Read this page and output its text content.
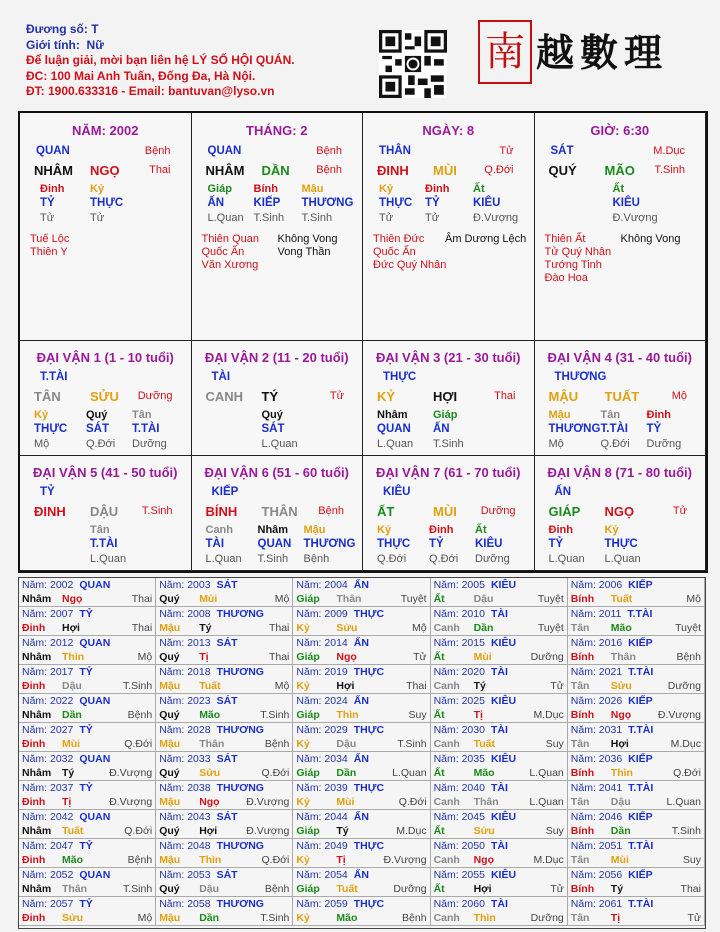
Đương số: T
Giới tính: Nữ
Để luận giải, mời bạn liên hệ LÝ SỐ HỘI QUÁN.
ĐC: 100 Mai Anh Tuấn, Đống Đa, Hà Nội.
ĐT: 1900.633316 - Email: bantuvan@lyso.vn
南 越數理
NĂM: 2002
QUAN	Bệnh
NHÂM NGỌ	Thai
Đinh
TỶ
Tử
Kỷ
THỰC
Tử
Tuế Lộc
Thiên Y
THÁNG: 2
QUAN	Bệnh
NHÂM DẦN Bệnh
Giáp
ẤN
L.Quan
Bính
KIẾP
T.Sinh
Mậu
THƯƠNG
T.Sinh
Thiên Quan
Quốc Ấn
Văn Xương
Không Vong
Vong Thần
NGÀY: 8
THÂN	Tử
ĐINH MÙI Q.Đới
Kỷ
THỰC
Tử
Đinh
TỶ
Tử
Ất
KIÊU
Đ.Vượng
Thiên Đức
Quốc Ấn
Đức Quý Nhân
Âm Dương Lệch
GIỜ: 6:30
SÁT	M.Dục
QUÝ MÃO T.Sinh
Ất
KIÊU
Đ.Vượng
Thiên Ất
Tử Quý Nhân
Tướng Tinh
Đào Hoa
Không Vong
ĐẠI VẬN 1 (1 - 10 tuổi)
T.TÀI
TÂN SỬU Dưỡng
Kỷ
THỰC
Mộ
Quý
SÁT
Q.Đới
Tân
T.TÀI
Dưỡng
ĐẠI VẬN 2 (11 - 20 tuổi)
TÀI
CANH TÝ	Tử
Quý
SÁT
L.Quan
ĐẠI VẬN 3 (21 - 30 tuổi)
THỰC
KỶ	HỢI	Thai
Nhâm
QUAN
L.Quan
Giáp
ẤN
T.Sinh
ĐẠI VẬN 4 (31 - 40 tuổi)
THƯƠNG
MẬU TUẤT	Mộ
Mậu
THƯƠNG
Mộ
Tân
T.TÀI
Q.Đới
Đinh
TỶ
Dưỡng
ĐẠI VẬN 5 (41 - 50 tuổi)
TỶ
ĐINH DẬU T.Sinh
Tân
T.TÀI
L.Quan
ĐẠI VẬN 6 (51 - 60 tuổi)
KIẾP
BÍNH THÂN Bệnh
Canh
TÀI
L.Quan
Nhâm
QUAN
T.Sinh
Mậu
THƯƠNG
Bệnh
ĐẠI VẬN 7 (61 - 70 tuổi)
KIÊU
ẤT	MÙI Dưỡng
Kỷ
THỰC
Q.Đới
Đinh
TỶ
Q.Đới
Ất
KIÊU
Dưỡng
ĐẠI VẬN 8 (71 - 80 tuổi)
ẤN
GIÁP NGỌ	Tử
Đinh
TỶ
L.Quan
Kỷ
THỰC
L.Quan
Năm: 2002 QUAN
Nhâm Ngọ	Thai
Năm: 2003 SÁT
Quý Mùi	Mộ
Năm: 2004 ẤN
Giáp Thân	Tuyệt
Năm: 2005 KIÊU
Ất	Dậu	Tuyệt
Năm: 2006 KIẾP
Bính Tuất	Mộ
Năm: 2007 TỶ
Đinh Hợi	Thai
Năm: 2008 THƯƠNG
Mậu Tý	Thai
Năm: 2009 THỰC
Kỷ	Sửu	Mộ
Năm: 2010 TÀI
Canh Dần	Tuyệt
Năm: 2011 T.TÀI
Tân Mão	Tuyệt
Năm: 2012 QUAN
Nhâm Thìn	Mộ
Năm: 2013 SÁT
Quý Tị	Thai
Năm: 2014 ẤN
Giáp Ngọ	Tử
Năm: 2015 KIÊU
Ất	Mùi	Dưỡng
Năm: 2016 KIẾP
Bính Thân	Bệnh
Năm: 2017 TỶ
Đinh Dậu	T.Sinh
Năm: 2018 THƯƠNG
Mậu Tuất	Mộ
Năm: 2019 THỰC
Kỷ	Hợi	Thai
Năm: 2020 TÀI
Canh Tý	Tử
Năm: 2021 T.TÀI
Tân Sửu	Dưỡng
Năm: 2022 QUAN
Nhâm Dần	Bệnh
Năm: 2023 SÁT
Quý Mão	T.Sinh
Năm: 2024 ẤN
Giáp Thìn	Suy
Năm: 2025 KIÊU
Ất	Tị	M.Dục
Năm: 2026 KIẾP
Bính Ngọ	Đ.Vượng
Năm: 2027 TỶ
Đinh Mùi	Q.Đới
Năm: 2028 THƯƠNG
Mậu Thân	Bệnh
Năm: 2029 THỰC
Kỷ	Dậu	T.Sinh
Năm: 2030 TÀI
Canh Tuất	Suy
Năm: 2031 T.TÀI
Tân Hợi	M.Dục
Năm: 2032 QUAN
Nhâm Tý	Đ.Vượng
Năm: 2033 SÁT
Quý Sửu	Q.Đới
Năm: 2034 ẤN
Giáp Dần	L.Quan
Năm: 2035 KIÊU
Ất	Mão	L.Quan
Năm: 2036 KIẾP
Bính Thìn	Q.Đới
Năm: 2037 TỶ
Đinh Tị	Đ.Vượng
Năm: 2038 THƯƠNG
Mậu Ngọ	Đ.Vượng
Năm: 2039 THỰC
Kỷ	Mùi	Q.Đới
Năm: 2040 TÀI
Canh Thân	L.Quan
Năm: 2041 T.TÀI
Tân Dậu	L.Quan
Năm: 2042 QUAN
Nhâm Tuất	Q.Đới
Năm: 2043 SÁT
Quý Hợi	Đ.Vượng
Năm: 2044 ẤN
Giáp Tý	M.Dục
Năm: 2045 KIÊU
Ất	Sửu	Suy
Năm: 2046 KIẾP
Bính Dần	T.Sinh
Năm: 2047 TỶ
Đinh Mão	Bệnh
Năm: 2048 THƯƠNG
Mậu Thìn	Q.Đới
Năm: 2049 THỰC
Kỷ	Tị	Đ.Vượng
Năm: 2050 TÀI
Canh Ngọ	M.Dục
Năm: 2051 T.TÀI
Tân Mùi	Suy
Năm: 2052 QUAN
Nhâm Thân	T.Sinh
Năm: 2053 SÁT
Quý Dậu	Bệnh
Năm: 2054 ẤN
Giáp Tuất	Dưỡng
Năm: 2055 KIÊU
Ất	Hợi	Tử
Năm: 2056 KIẾP
Bính Tý	Thai
Năm: 2057 TỶ
Đinh Sửu	Mộ
Năm: 2058 THƯƠNG
Mậu Dần	T.Sinh
Năm: 2059 THỰC
Kỷ	Mão	Bệnh
Năm: 2060 TÀI
Canh Thìn	Dưỡng
Năm: 2061 T.TÀI
Tân Tị	Tử
